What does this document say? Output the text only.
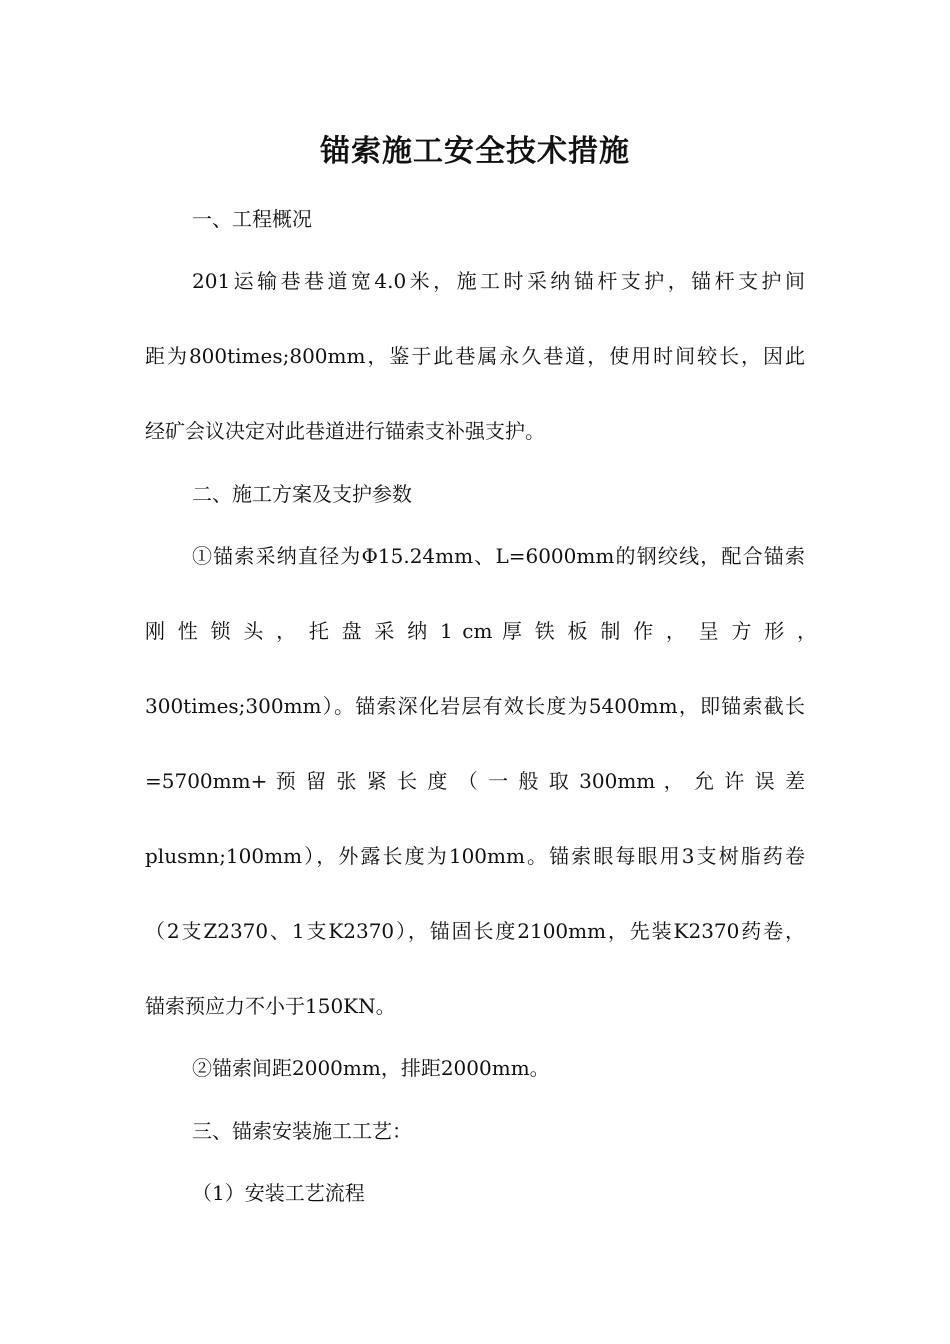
锚索施工安全技术措施
一、工程概况
201运输巷巷道宽4.0米，施工时采纳锚杆支护，锚杆支护间
距为800times;800mm，鉴于此巷属永久巷道，使用时间较长，因此
经矿会议决定对此巷道进行锚索支补强支护。
二、施工方案及支护参数
①锚索采纳直径为Φ15.24mm、L=6000mm的钢绞线，配合锚索
刚 性 锁 头 ， 托 盘 采 纳 1 cm 厚 铁 板 制 作 ， 呈 方 形 ，
300times;300mm）。锚索深化岩层有效长度为5400mm，即锚索截长
=5700mm+ 预 留 张 紧 长 度 （ 一 般 取 300mm ， 允 许 误 差
plusmn;100mm），外露长度为100mm。锚索眼每眼用3支树脂药卷
（2支Z2370、1支K2370），锚固长度2100mm，先装K2370药卷，
锚索预应力不小于150KN。
②锚索间距2000mm，排距2000mm。
三、锚索安装施工工艺：
（1）安装工艺流程
